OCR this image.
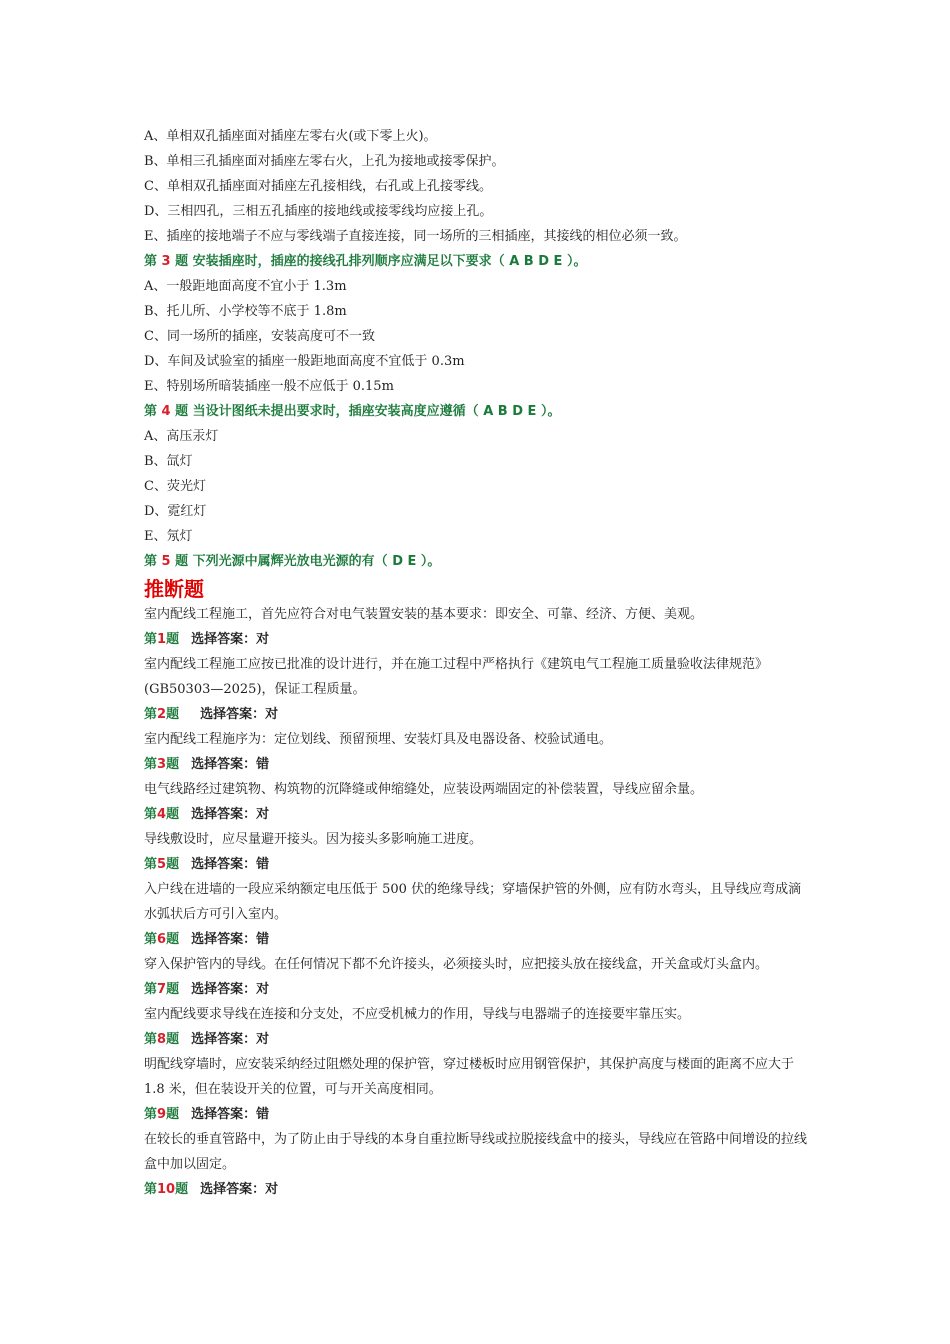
A、单相双孔插座面对插座左零右火(或下零上火)。
B、单相三孔插座面对插座左零右火，上孔为接地或接零保护。
C、单相双孔插座面对插座左孔接相线，右孔或上孔接零线。
D、三相四孔，三相五孔插座的接地线或接零线均应接上孔。
E、插座的接地端子不应与零线端子直接连接，同一场所的三相插座，其接线的相位必须一致。
第 3 题 安装插座时，插座的接线孔排列顺序应满足以下要求（ A B D E ）。
A、一般距地面高度不宜小于 1.3m
B、托儿所、小学校等不底于 1.8m
C、同一场所的插座，安装高度可不一致
D、车间及试验室的插座一般距地面高度不宜低于 0.3m
E、特别场所暗装插座一般不应低于 0.15m
第 4 题 当设计图纸未提出要求时，插座安装高度应遵循（ A B D E ）。
A、高压汞灯
B、氙灯
C、荧光灯
D、霓红灯
E、氖灯
第 5 题 下列光源中属辉光放电光源的有（ D E ）。
推断题
室内配线工程施工，首先应符合对电气装置安装的基本要求：即安全、可靠、经济、方便、美观。
第1题 选择答案：对
室内配线工程施工应按已批准的设计进行，并在施工过程中严格执行《建筑电气工程施工质量验收法律规范》(GB50303—2025)，保证工程质量。
第2题  选择答案：对
室内配线工程施序为：定位划线、预留预埋、安装灯具及电器设备、校验试通电。
第3题 选择答案：错
电气线路经过建筑物、构筑物的沉降缝或伸缩缝处，应装设两端固定的补偿装置，导线应留余量。
第4题 选择答案：对
导线敷设时，应尽量避开接头。因为接头多影响施工进度。
第5题 选择答案：错
入户线在进墙的一段应采纳额定电压低于 500 伏的绝缘导线；穿墙保护管的外侧，应有防水弯头，且导线应弯成滴水弧状后方可引入室内。
第6题 选择答案：错
穿入保护管内的导线。在任何情况下都不允许接头，必须接头时，应把接头放在接线盒，开关盒或灯头盒内。
第7题 选择答案：对
室内配线要求导线在连接和分支处，不应受机械力的作用，导线与电器端子的连接要牢靠压实。
第8题 选择答案：对
明配线穿墙时，应安装采纳经过阻燃处理的保护管，穿过楼板时应用钢管保护，其保护高度与楼面的距离不应大于 1.8 米，但在装设开关的位置，可与开关高度相同。
第9题 选择答案：错
在较长的垂直管路中，为了防止由于导线的本身自重拉断导线或拉脱接线盒中的接头，导线应在管路中间增设的拉线盒中加以固定。
第10题 选择答案：对
